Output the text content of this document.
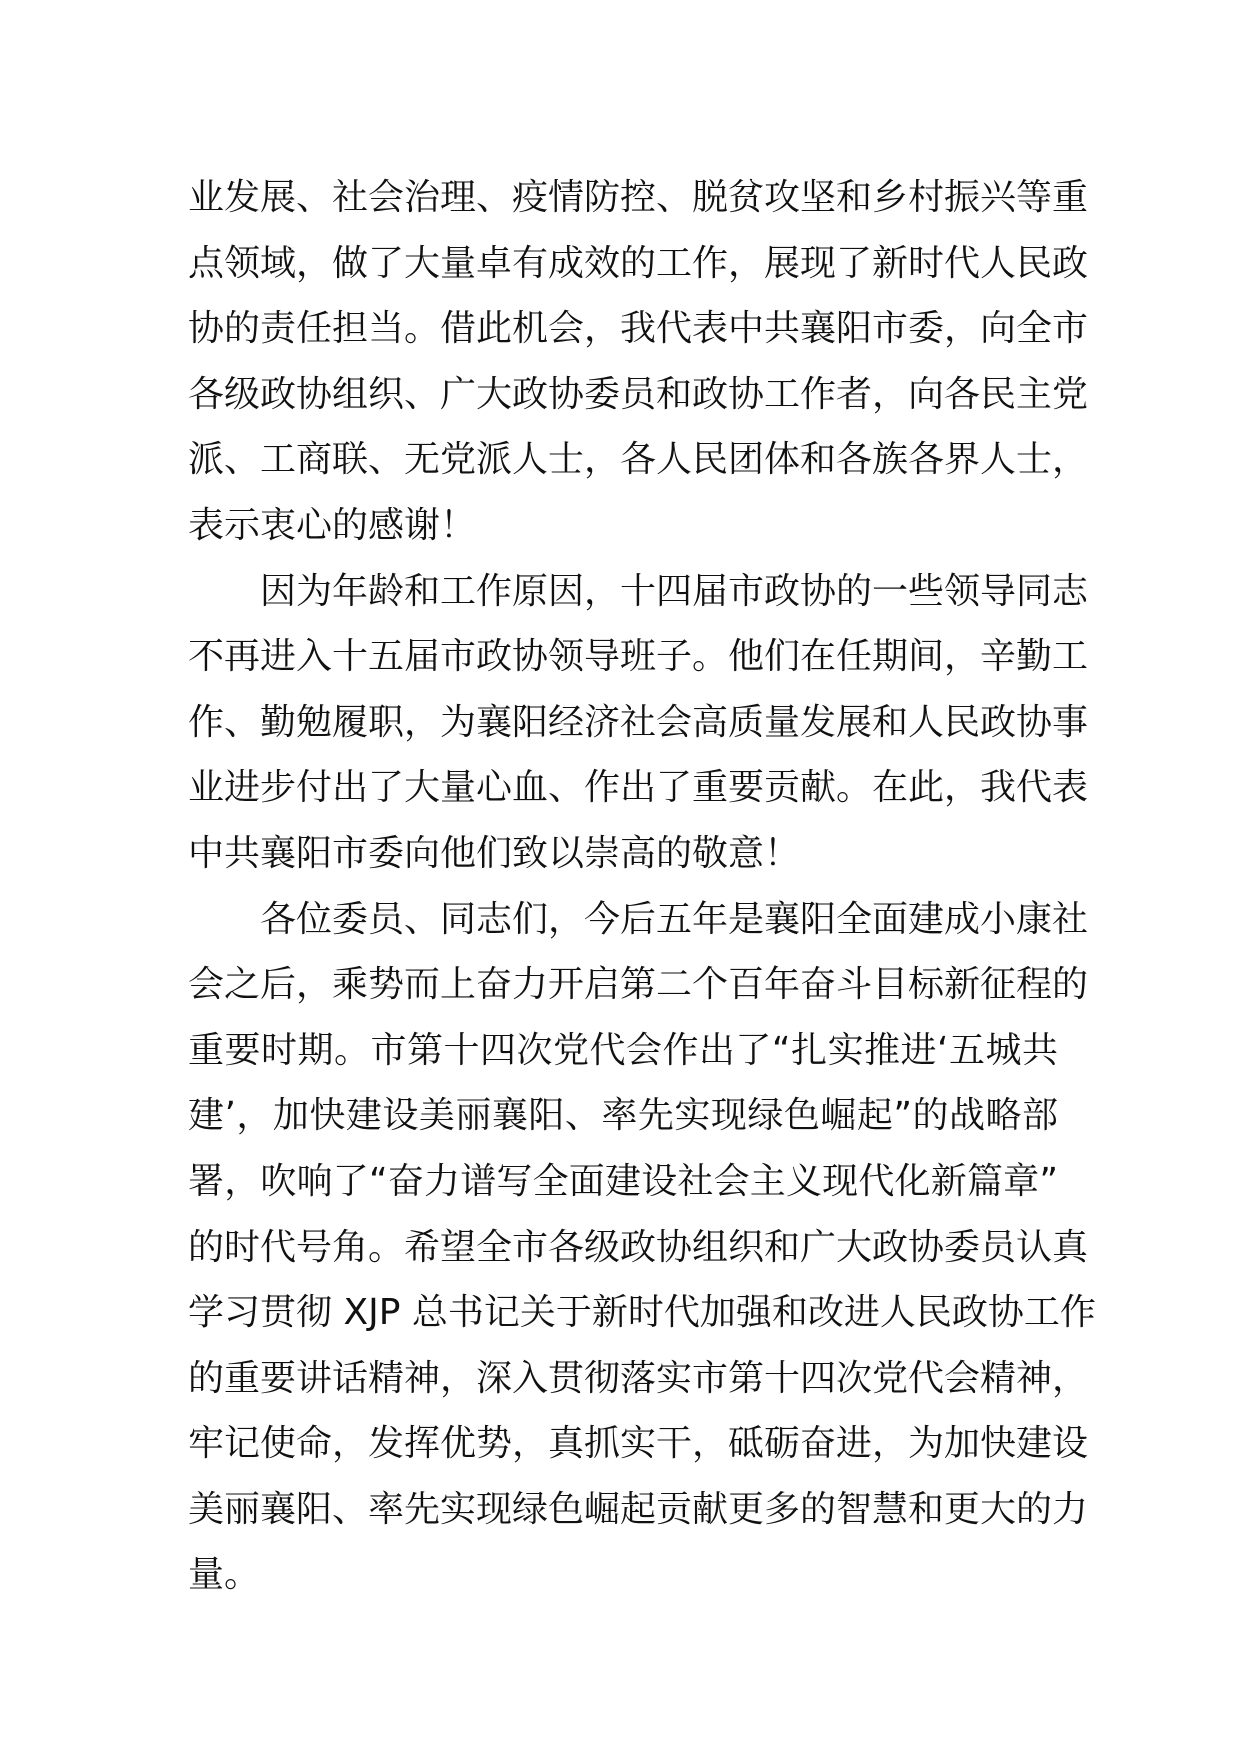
业发展、社会治理、疫情防控、脱贫攻坚和乡村振兴等重
点领域，做了大量卓有成效的工作，展现了新时代人民政
协的责任担当。借此机会，我代表中共襄阳市委，向全市
各级政协组织、广大政协委员和政协工作者，向各民主党
派、工商联、无党派人士，各人民团体和各族各界人士，
表示衷心的感谢！
因为年龄和工作原因，十四届市政协的一些领导同志
不再进入十五届市政协领导班子。他们在任期间，辛勤工
作、勤勉履职，为襄阳经济社会高质量发展和人民政协事
业进步付出了大量心血、作出了重要贡献。在此，我代表
中共襄阳市委向他们致以崇高的敬意！
各位委员、同志们，今后五年是襄阳全面建成小康社
会之后，乘势而上奋力开启第二个百年奋斗目标新征程的
重要时期。市第十四次党代会作出了“扎实推进‘五城共
建’，加快建设美丽襄阳、率先实现绿色崛起”的战略部
署，吹响了“奋力谱写全面建设社会主义现代化新篇章”
的时代号角。希望全市各级政协组织和广大政协委员认真
学习贯彻 XJP 总书记关于新时代加强和改进人民政协工作
的重要讲话精神，深入贯彻落实市第十四次党代会精神，
牢记使命，发挥优势，真抓实干，砥砺奋进，为加快建设
美丽襄阳、率先实现绿色崛起贡献更多的智慧和更大的力
量。
